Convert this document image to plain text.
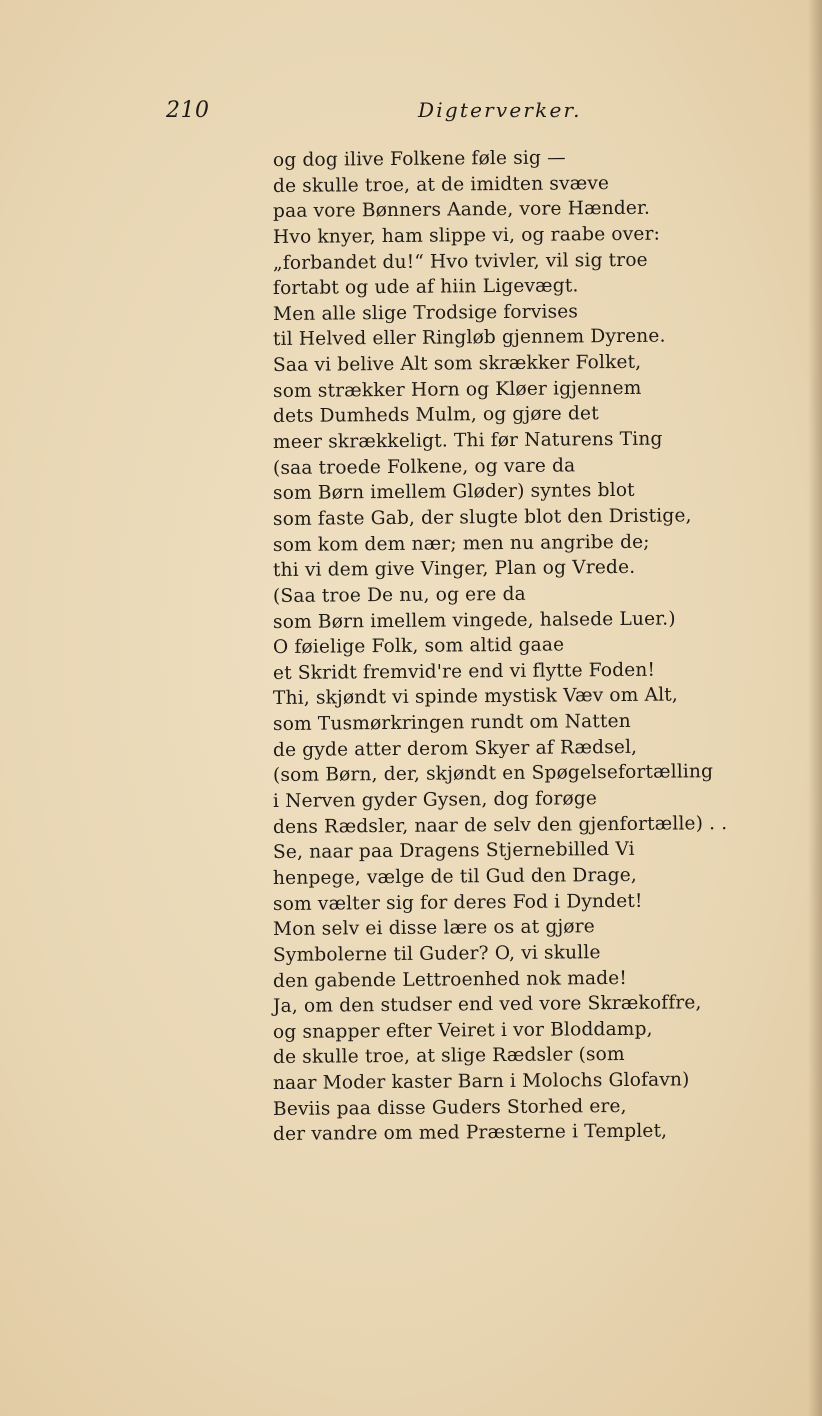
210	Digterverker.
og dog ilive Folkene føle sig —
de skulle troe, at de imidten svæve
paa vore Bønners Aande, vore Hænder.
Hvo knyer, ham slippe vi, og raabe over:
„forbandet du!“ Hvo tvivler, vil sig troe
fortabt og ude af hiin Ligevægt.
Men alle slige Trodsige forvises
til Helved eller Ringløb gjennem Dyrene.
Saa vi belive Alt som skrækker Folket,
som strækker Horn og Kløer igjennem
dets Dumheds Mulm, og gjøre det
meer skrækkeligt. Thi før Naturens Ting
(saa troede Folkene, og vare da
som Børn imellem Gløder) syntes blot
som faste Gab, der slugte blot den Dristige,
som kom dem nær; men nu angribe de;
thi vi dem give Vinger, Plan og Vrede.
(Saa troe De nu, og ere da
som Børn imellem vingede, halsede Luer.)
O føielige Folk, som altid gaae
et Skridt fremvid're end vi flytte Foden!
Thi, skjøndt vi spinde mystisk Væv om Alt,
som Tusmørkringen rundt om Natten
de gyde atter derom Skyer af Rædsel,
(som Børn, der, skjøndt en Spøgelsefortælling
i Nerven gyder Gysen, dog forøge
dens Rædsler, naar de selv den gjenfortælle) . .
Se, naar paa Dragens Stjernebilled Vi
henpege, vælge de til Gud den Drage,
som vælter sig for deres Fod i Dyndet!
Mon selv ei disse lære os at gjøre
Symbolerne til Guder? O, vi skulle
den gabende Lettroenhed nok made!
Ja, om den studser end ved vore Skrækoffre,
og snapper efter Veiret i vor Bloddamp,
de skulle troe, at slige Rædsler (som
naar Moder kaster Barn i Molochs Glofavn)
Beviis paa disse Guders Storhed ere,
der vandre om med Præsterne i Templet,
